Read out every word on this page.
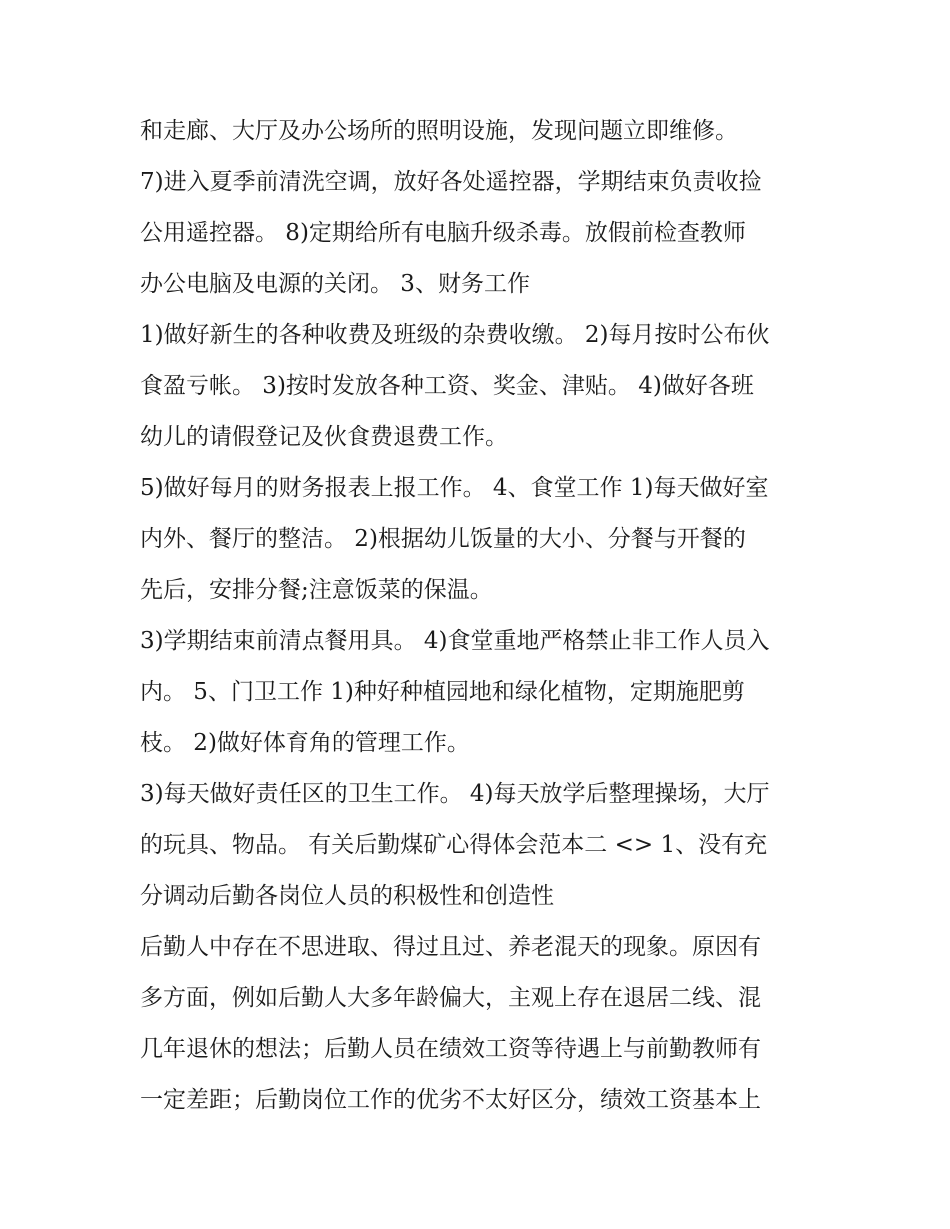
和走廊、大厅及办公场所的照明设施，发现问题立即维修。
7)进入夏季前清洗空调，放好各处遥控器，学期结束负责收捡
公用遥控器。 8)定期给所有电脑升级杀毒。放假前检查教师
办公电脑及电源的关闭。 3、财务工作
1)做好新生的各种收费及班级的杂费收缴。 2)每月按时公布伙
食盈亏帐。 3)按时发放各种工资、奖金、津贴。 4)做好各班
幼儿的请假登记及伙食费退费工作。
5)做好每月的财务报表上报工作。 4、食堂工作 1)每天做好室
内外、餐厅的整洁。 2)根据幼儿饭量的大小、分餐与开餐的
先后，安排分餐;注意饭菜的保温。
3)学期结束前清点餐用具。 4)食堂重地严格禁止非工作人员入
内。 5、门卫工作 1)种好种植园地和绿化植物，定期施肥剪
枝。 2)做好体育角的管理工作。
3)每天做好责任区的卫生工作。 4)每天放学后整理操场，大厅
的玩具、物品。 有关后勤煤矿心得体会范本二 <> 1、没有充
分调动后勤各岗位人员的积极性和创造性
后勤人中存在不思进取、得过且过、养老混天的现象。原因有
多方面，例如后勤人大多年龄偏大，主观上存在退居二线、混
几年退休的想法；后勤人员在绩效工资等待遇上与前勤教师有
一定差距；后勤岗位工作的优劣不太好区分，绩效工资基本上
